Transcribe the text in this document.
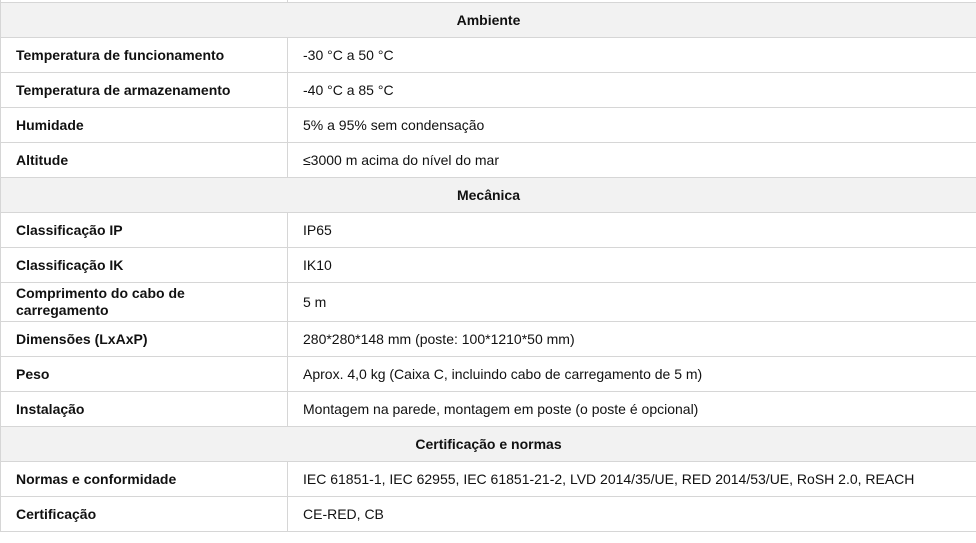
Ambiente	
Temperatura de funcionamento	-30 °C a 50 °C
Temperatura de armazenamento	-40 °C a 85 °C
Humidade	5% a 95% sem condensação
Altitude	≤3000 m acima do nível do mar
Mecânica	
Classificação IP	IP65
Classificação IK	IK10
Comprimento do cabo de carregamento	5 m
Dimensões (LxAxP)	280*280*148 mm (poste: 100*1210*50 mm)
Peso	Aprox. 4,0 kg (Caixa C, incluindo cabo de carregamento de 5 m)
Instalação	Montagem na parede, montagem em poste (o poste é opcional)
Certificação e normas	
Normas e conformidade	IEC 61851-1, IEC 62955, IEC 61851-21-2, LVD 2014/35/UE, RED 2014/53/UE, RoSH 2.0, REACH
Certificação	CE-RED, CB
